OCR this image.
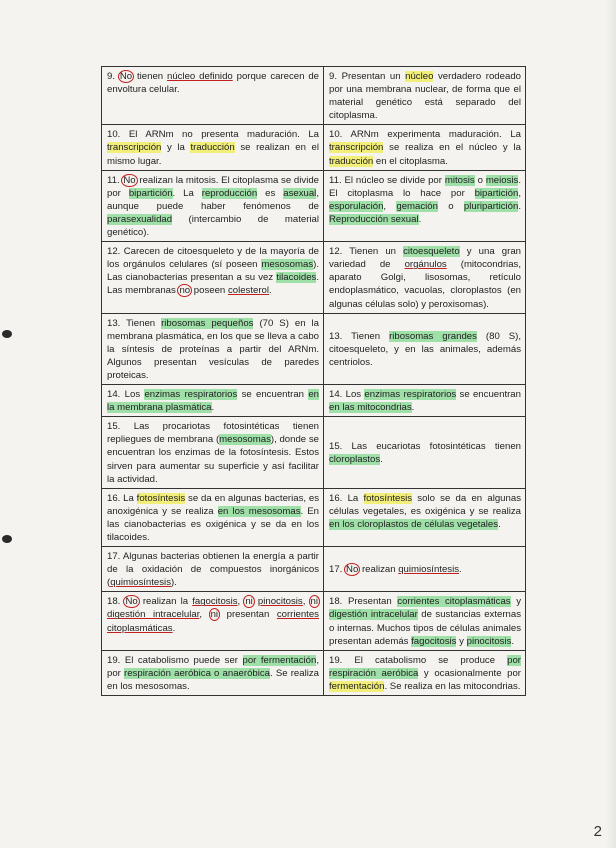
9. No tienen núcleo definido porque carecen de envoltura celular.	9. Presentan un núcleo verdadero rodeado por una membrana nuclear, de forma que el material genético está separado del citoplasma.
10. El ARNm no presenta maduración. La transcripción y la traducción se realizan en el mismo lugar.	10. ARNm experimenta maduración. La transcripción se realiza en el núcleo y la traducción en el citoplasma.
11. No realizan la mitosis. El citoplasma se divide por bipartición. La reproducción es asexual, aunque puede haber fenómenos de parasexualidad (intercambio de material genético).	11. El núcleo se divide por mitosis o meiosis. El citoplasma lo hace por bipartición, esporulación, gemación o pluripartición. Reproducción sexual.
12. Carecen de citoesqueleto y de la mayoría de los orgánulos celulares (sí poseen mesosomas). Las cianobacterias presentan a su vez tilacoides. Las membranas no poseen colesterol.	12. Tienen un citoesqueleto y una gran variedad de orgánulos (mitocondrias, aparato Golgi, lisosomas, retículo endoplasmático, vacuolas, cloroplastos (en algunas células solo) y peroxisomas).
13. Tienen ribosomas pequeños (70 S) en la membrana plasmática, en los que se lleva a cabo la síntesis de proteínas a partir del ARNm. Algunos presentan vesículas de paredes proteicas.	13. Tienen ribosomas grandes (80 S), citoesqueleto, y en las animales, además centriolos.
14. Los enzimas respiratorios se encuentran en la membrana plasmática.	14. Los enzimas respiratorios se encuentran en las mitocondrias.
15. Las procariotas fotosintéticas tienen repliegues de membrana (mesosomas), donde se encuentran los enzimas de la fotosíntesis. Estos sirven para aumentar su superficie y así facilitar la actividad.	15. Las eucariotas fotosintéticas tienen cloroplastos.
16. La fotosíntesis se da en algunas bacterias, es anoxigénica y se realiza en los mesosomas. En las cianobacterias es oxigénica y se da en los tilacoides.	16. La fotosíntesis solo se da en algunas células vegetales, es oxigénica y se realiza en los cloroplastos de células vegetales.
17. Algunas bacterias obtienen la energía a partir de la oxidación de compuestos inorgánicos (quimiosíntesis).	17. No realizan quimiosíntesis.
18. No realizan la fagocitosis, ni pinocitosis, ni digestión intracelular, ni presentan corrientes citoplasmáticas.	18. Presentan corrientes citoplasmáticas y digestión intracelular de sustancias externas o internas. Muchos tipos de células animales presentan además fagocitosis y pinocitosis.
19. El catabolismo puede ser por fermentación, por respiración aeróbica o anaeróbica. Se realiza en los mesosomas.	19. El catabolismo se produce por respiración aeróbica y ocasionalmente por fermentación. Se realiza en las mitocondrias.
2
